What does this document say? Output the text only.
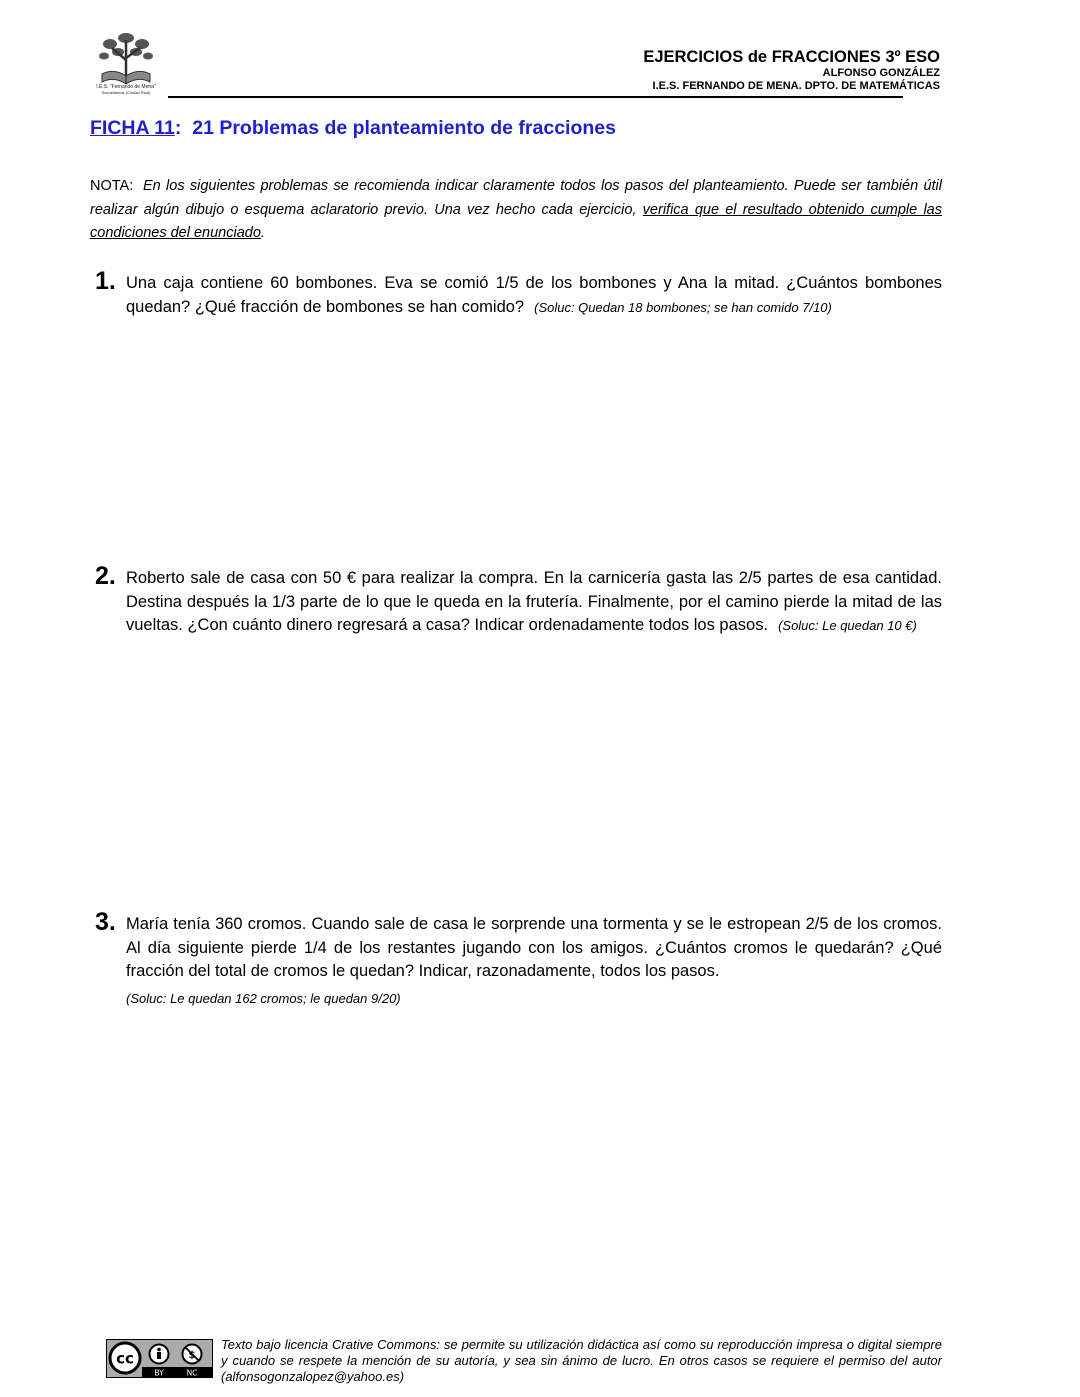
I.E.S. "Fernando de Mena"
Socuéllamos (Ciudad Real)
EJERCICIOS de FRACCIONES 3º ESO
ALFONSO GONZÁLEZ
I.E.S. FERNANDO DE MENA. DPTO. DE MATEMÁTICAS
FICHA 11: 21 Problemas de planteamiento de fracciones
NOTA: En los siguientes problemas se recomienda indicar claramente todos los pasos del planteamiento. Puede ser también útil realizar algún dibujo o esquema aclaratorio previo. Una vez hecho cada ejercicio, verifica que el resultado obtenido cumple las condiciones del enunciado.
1. Una caja contiene 60 bombones. Eva se comió 1/5 de los bombones y Ana la mitad. ¿Cuántos bombones quedan? ¿Qué fracción de bombones se han comido? (Soluc: Quedan 18 bombones; se han comido 7/10)
2. Roberto sale de casa con 50 € para realizar la compra. En la carnicería gasta las 2/5 partes de esa cantidad. Destina después la 1/3 parte de lo que le queda en la frutería. Finalmente, por el camino pierde la mitad de las vueltas. ¿Con cuánto dinero regresará a casa? Indicar ordenadamente todos los pasos. (Soluc: Le quedan 10 €)
3. María tenía 360 cromos. Cuando sale de casa le sorprende una tormenta y se le estropean 2/5 de los cromos. Al día siguiente pierde 1/4 de los restantes jugando con los amigos. ¿Cuántos cromos le quedarán? ¿Qué fracción del total de cromos le quedan? Indicar, razonadamente, todos los pasos.
(Soluc: Le quedan 162 cromos; le quedan 9/20)
$
cc
BY	NC
Texto bajo licencia Crative Commons: se permite su utilización didáctica así como su reproducción impresa o digital siempre y cuando se respete la mención de su autoría, y sea sin ánimo de lucro. En otros casos se requiere el permiso del autor (alfonsogonzalopez@yahoo.es)
